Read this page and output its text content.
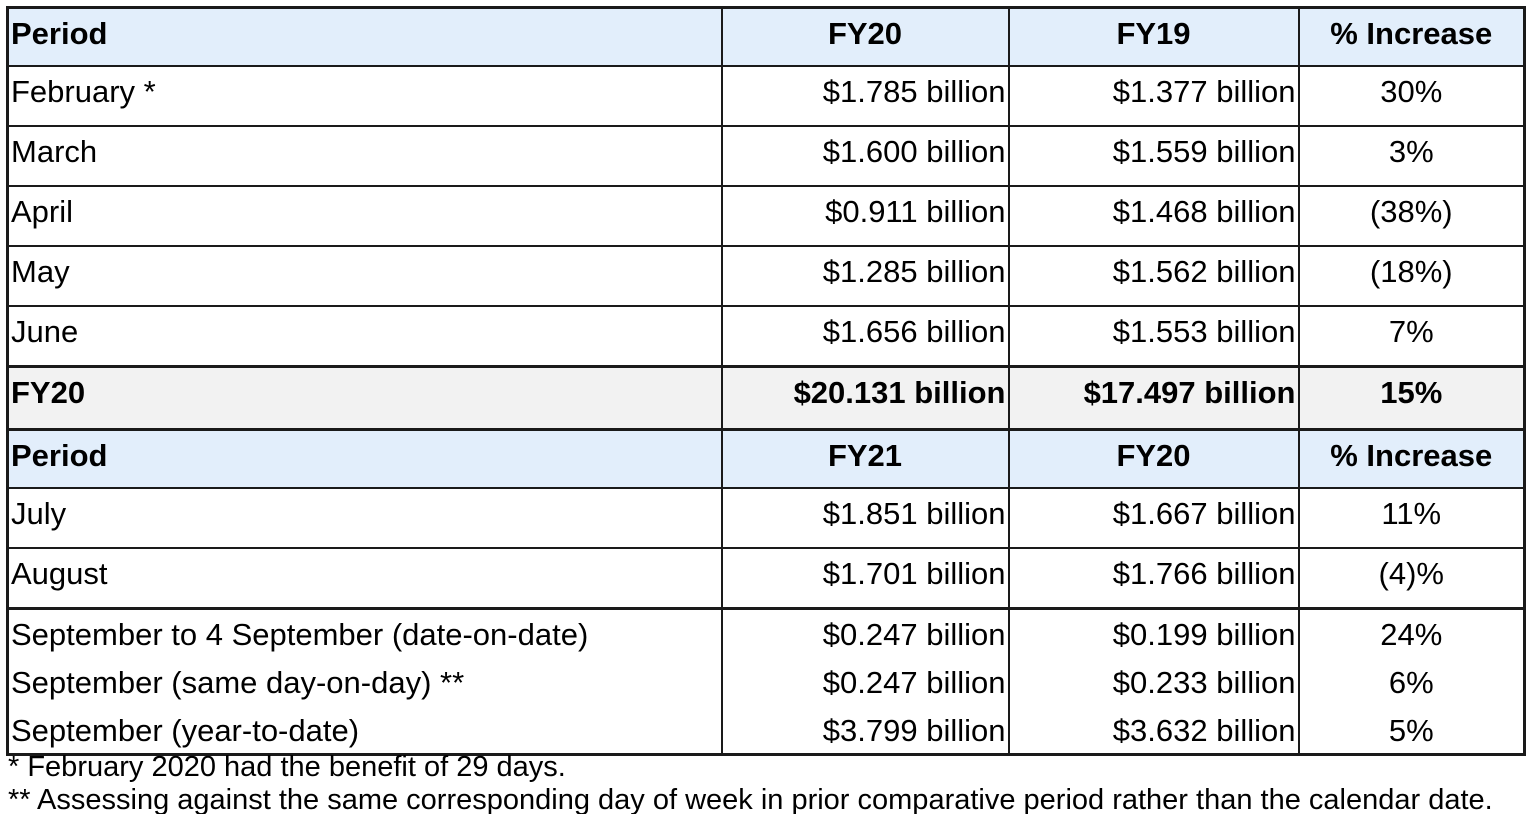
Period	FY20	FY19	% Increase
February *	$1.785 billion	$1.377 billion	30%
March	$1.600 billion	$1.559 billion	3%
April	$0.911 billion	$1.468 billion	(38%)
May	$1.285 billion	$1.562 billion	(18%)
June	$1.656 billion	$1.553 billion	7%
FY20	$20.131 billion	$17.497 billion	15%
Period	FY21	FY20	% Increase
July	$1.851 billion	$1.667 billion	11%
August	$1.701 billion	$1.766 billion	(4)%
September to 4 September (date-on-date)	$0.247 billion	$0.199 billion	24%
September (same day-on-day) **	$0.247 billion	$0.233 billion	6%
September (year-to-date)	$3.799 billion	$3.632 billion	5%
* February 2020 had the benefit of 29 days.
** Assessing against the same corresponding day of week in prior comparative period rather than the calendar date.
